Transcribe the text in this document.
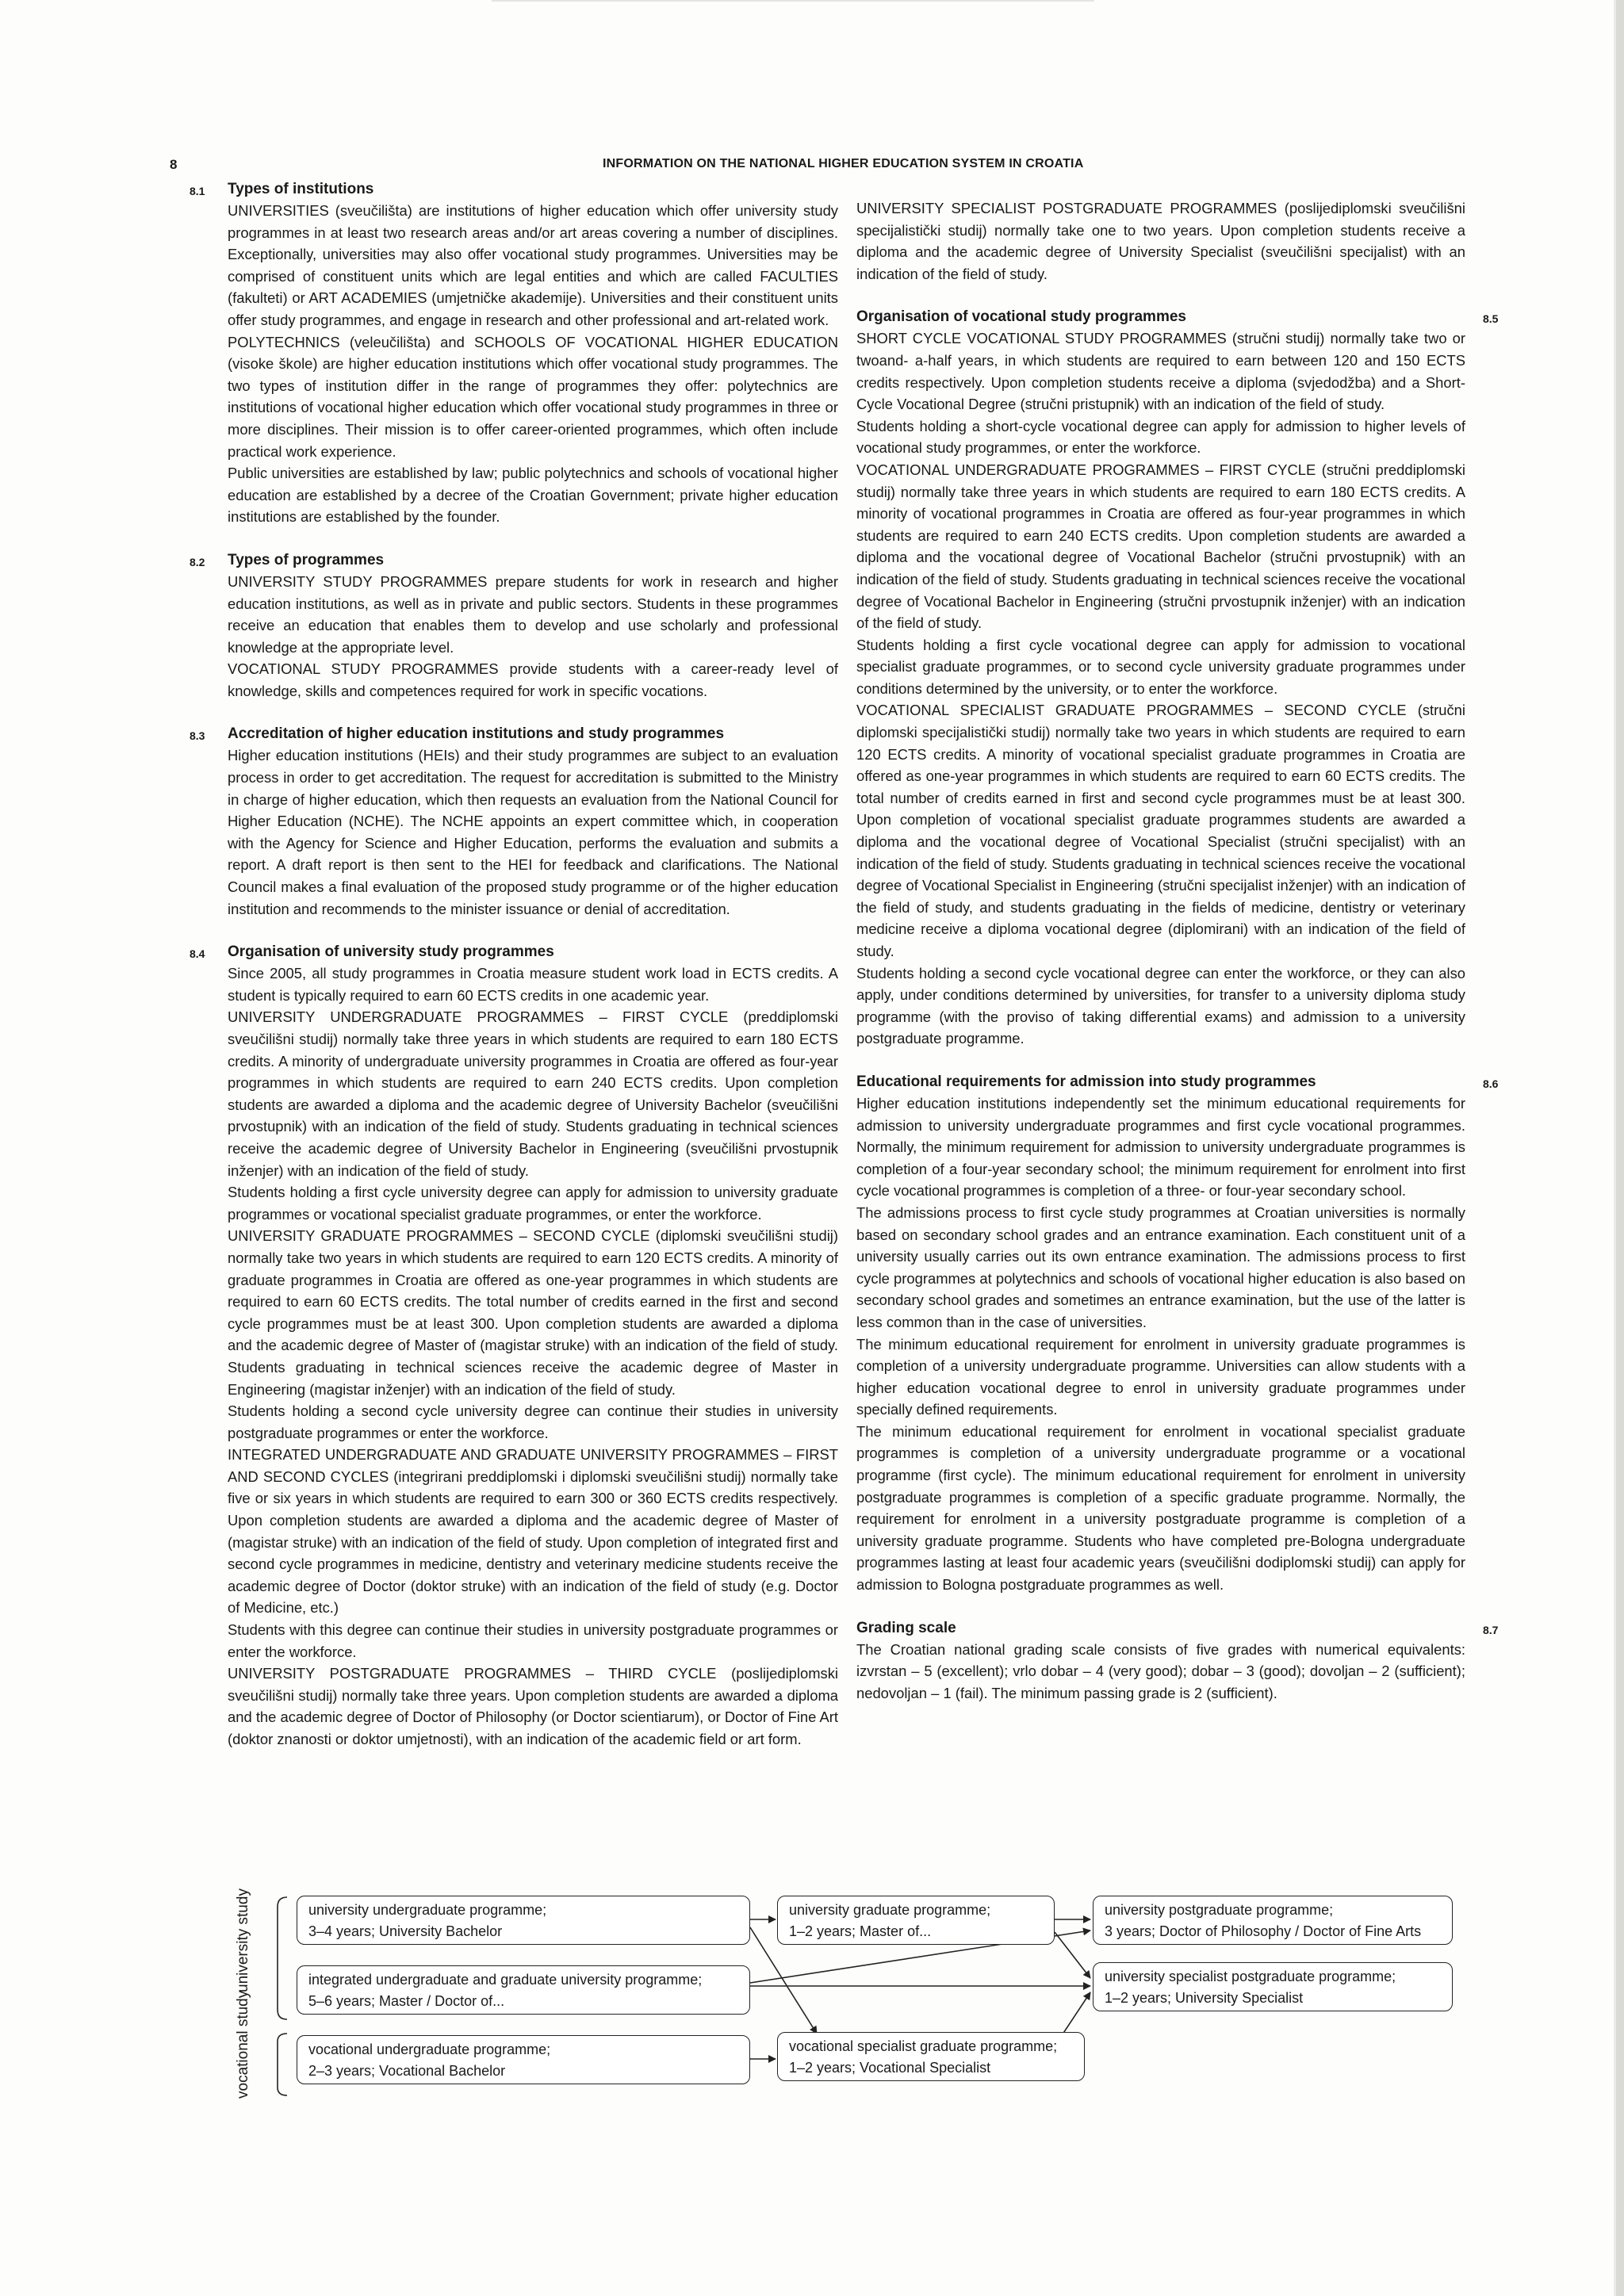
8	INFORMATION ON THE NATIONAL HIGHER EDUCATION SYSTEM IN CROATIA
Types of institutions
8.1

UNIVERSITIES (sveučilišta) are institutions of higher education which offer university study programmes in at least two research areas and/or art areas covering a number of disciplines. Exceptionally, universities may also offer vocational study programmes. Universities may be comprised of constituent units which are legal entities and which are called FACULTIES (fakulteti) or ART ACADEMIES (umjetničke akademije). Universities and their constituent units offer study programmes, and engage in research and other professional and art-related work.

POLYTECHNICS (veleučilišta) and SCHOOLS OF VOCATIONAL HIGHER EDUCATION (visoke škole) are higher education institutions which offer vocational study programmes. The two types of institution differ in the range of programmes they offer: polytechnics are institutions of vocational higher education which offer vocational study programmes in three or more disciplines. Their mission is to offer career-oriented programmes, which often include practical work experience.

Public universities are established by law; public polytechnics and schools of vocational higher education are established by a decree of the Croatian Government; private higher education institutions are established by the founder.

Types of programmes
8.2

UNIVERSITY STUDY PROGRAMMES prepare students for work in research and higher education institutions, as well as in private and public sectors. Students in these programmes receive an education that enables them to develop and use scholarly and professional knowledge at the appropriate level.

VOCATIONAL STUDY PROGRAMMES provide students with a career-ready level of knowledge, skills and competences required for work in specific vocations.

Accreditation of higher education institutions and study programmes
8.3

Higher education institutions (HEIs) and their study programmes are subject to an evaluation process in order to get accreditation. The request for accreditation is submitted to the Ministry in charge of higher education, which then requests an evaluation from the National Council for Higher Education (NCHE). The NCHE appoints an expert committee which, in cooperation with the Agency for Science and Higher Education, performs the evaluation and submits a report. A draft report is then sent to the HEI for feedback and clarifications. The National Council makes a final evaluation of the proposed study programme or of the higher education institution and recommends to the minister issuance or denial of accreditation.

Organisation of university study programmes
8.4

Since 2005, all study programmes in Croatia measure student work load in ECTS credits. A student is typically required to earn 60 ECTS credits in one academic year.

UNIVERSITY UNDERGRADUATE PROGRAMMES – FIRST CYCLE (preddiplomski sveučilišni studij) normally take three years in which students are required to earn 180 ECTS credits. A minority of undergraduate university programmes in Croatia are offered as four-year programmes in which students are required to earn 240 ECTS credits. Upon completion students are awarded a diploma and the academic degree of University Bachelor (sveučilišni prvostupnik) with an indication of the field of study. Students graduating in technical sciences receive the academic degree of University Bachelor in Engineering (sveučilišni prvostupnik inženjer) with an indication of the field of study.

Students holding a first cycle university degree can apply for admission to university graduate programmes or vocational specialist graduate programmes, or enter the workforce.

UNIVERSITY GRADUATE PROGRAMMES – SECOND CYCLE (diplomski sveučilišni studij) normally take two years in which students are required to earn 120 ECTS credits. A minority of graduate programmes in Croatia are offered as one-year programmes in which students are required to earn 60 ECTS credits. The total number of credits earned in the first and second cycle programmes must be at least 300. Upon completion students are awarded a diploma and the academic degree of Master of (magistar struke) with an indication of the field of study. Students graduating in technical sciences receive the academic degree of Master in Engineering (magistar inženjer) with an indication of the field of study.

Students holding a second cycle university degree can continue their studies in university postgraduate programmes or enter the workforce.

INTEGRATED UNDERGRADUATE AND GRADUATE UNIVERSITY PROGRAMMES – FIRST AND SECOND CYCLES (integrirani preddiplomski i diplomski sveučilišni studij) normally take five or six years in which students are required to earn 300 or 360 ECTS credits respectively. Upon completion students are awarded a diploma and the academic degree of Master of (magistar struke) with an indication of the field of study. Upon completion of integrated first and second cycle programmes in medicine, dentistry and veterinary medicine students receive the academic degree of Doctor (doktor struke) with an indication of the field of study (e.g. Doctor of Medicine, etc.)

Students with this degree can continue their studies in university postgraduate programmes or enter the workforce.

UNIVERSITY POSTGRADUATE PROGRAMMES – THIRD CYCLE (poslijediplomski sveučilišni studij) normally take three years. Upon completion students are awarded a diploma and the academic degree of Doctor of Philosophy (or Doctor scientiarum), or Doctor of Fine Art (doktor znanosti or doktor umjetnosti), with an indication of the academic field or art form.

UNIVERSITY SPECIALIST POSTGRADUATE PROGRAMMES (poslijediplomski sveučilišni specijalistički studij) normally take one to two years. Upon completion students receive a diploma and the academic degree of University Specialist (sveučilišni specijalist) with an indication of the field of study.

Organisation of vocational study programmes	8.5

SHORT CYCLE VOCATIONAL STUDY PROGRAMMES (stručni studij) normally take two or twoand- a-half years, in which students are required to earn between 120 and 150 ECTS credits respectively. Upon completion students receive a diploma (svjedodžba) and a Short-Cycle Vocational Degree (stručni pristupnik) with an indication of the field of study.

Students holding a short-cycle vocational degree can apply for admission to higher levels of vocational study programmes, or enter the workforce.

VOCATIONAL UNDERGRADUATE PROGRAMMES – FIRST CYCLE (stručni preddiplomski studij) normally take three years in which students are required to earn 180 ECTS credits. A minority of vocational programmes in Croatia are offered as four-year programmes in which students are required to earn 240 ECTS credits. Upon completion students are awarded a diploma and the vocational degree of Vocational Bachelor (stručni prvostupnik) with an indication of the field of study. Students graduating in technical sciences receive the vocational degree of Vocational Bachelor in Engineering (stručni prvostupnik inženjer) with an indication of the field of study.

Students holding a first cycle vocational degree can apply for admission to vocational specialist graduate programmes, or to second cycle university graduate programmes under conditions determined by the university, or to enter the workforce.

VOCATIONAL SPECIALIST GRADUATE PROGRAMMES – SECOND CYCLE (stručni diplomski specijalistički studij) normally take two years in which students are required to earn 120 ECTS credits. A minority of vocational specialist graduate programmes in Croatia are offered as one-year programmes in which students are required to earn 60 ECTS credits. The total number of credits earned in first and second cycle programmes must be at least 300. Upon completion of vocational specialist graduate programmes students are awarded a diploma and the vocational degree of Vocational Specialist (stručni specijalist) with an indication of the field of study. Students graduating in technical sciences receive the vocational degree of Vocational Specialist in Engineering (stručni specijalist inženjer) with an indication of the field of study, and students graduating in the fields of medicine, dentistry or veterinary medicine receive a diploma vocational degree (diplomirani) with an indication of the field of study.

Students holding a second cycle vocational degree can enter the workforce, or they can also apply, under conditions determined by universities, for transfer to a university diploma study programme (with the proviso of taking differential exams) and admission to a university postgraduate programme.

Educational requirements for admission into study programmes	8.6

Higher education institutions independently set the minimum educational requirements for admission to university undergraduate programmes and first cycle vocational programmes. Normally, the minimum requirement for admission to university undergraduate programmes is completion of a four-year secondary school; the minimum requirement for enrolment into first cycle vocational programmes is completion of a three- or four-year secondary school.

The admissions process to first cycle study programmes at Croatian universities is normally based on secondary school grades and an entrance examination. Each constituent unit of a university usually carries out its own entrance examination. The admissions process to first cycle programmes at polytechnics and schools of vocational higher education is also based on secondary school grades and sometimes an entrance examination, but the use of the latter is less common than in the case of universities.

The minimum educational requirement for enrolment in university graduate programmes is completion of a university undergraduate programme. Universities can allow students with a higher education vocational degree to enrol in university graduate programmes under specially defined requirements.

The minimum educational requirement for enrolment in vocational specialist graduate programmes is completion of a university undergraduate programme or a vocational programme (first cycle). The minimum educational requirement for enrolment in university postgraduate programmes is completion of a specific graduate programme. Normally, the requirement for enrolment in a university postgraduate programme is completion of a university graduate programme. Students who have completed pre-Bologna undergraduate programmes lasting at least four academic years (sveučilišni dodiplomski studij) can apply for admission to Bologna postgraduate programmes as well.

Grading scale	8.7

The Croatian national grading scale consists of five grades with numerical equivalents: izvrstan – 5 (excellent); vrlo dobar – 4 (very good); dobar – 3 (good); dovoljan – 2 (sufficient); nedovoljan – 1 (fail). The minimum passing grade is 2 (sufficient).

university study
vocational study
university undergraduate programme;
3–4 years; University Bachelor
integrated undergraduate and graduate university programme;
5–6 years; Master / Doctor of...
university graduate programme;
1–2 years; Master of...
university postgraduate programme;
3 years; Doctor of Philosophy / Doctor of Fine Arts
university specialist postgraduate programme;
1–2 years; University Specialist
vocational undergraduate programme;
2–3 years; Vocational Bachelor
vocational specialist graduate programme;
1–2 years; Vocational Specialist
